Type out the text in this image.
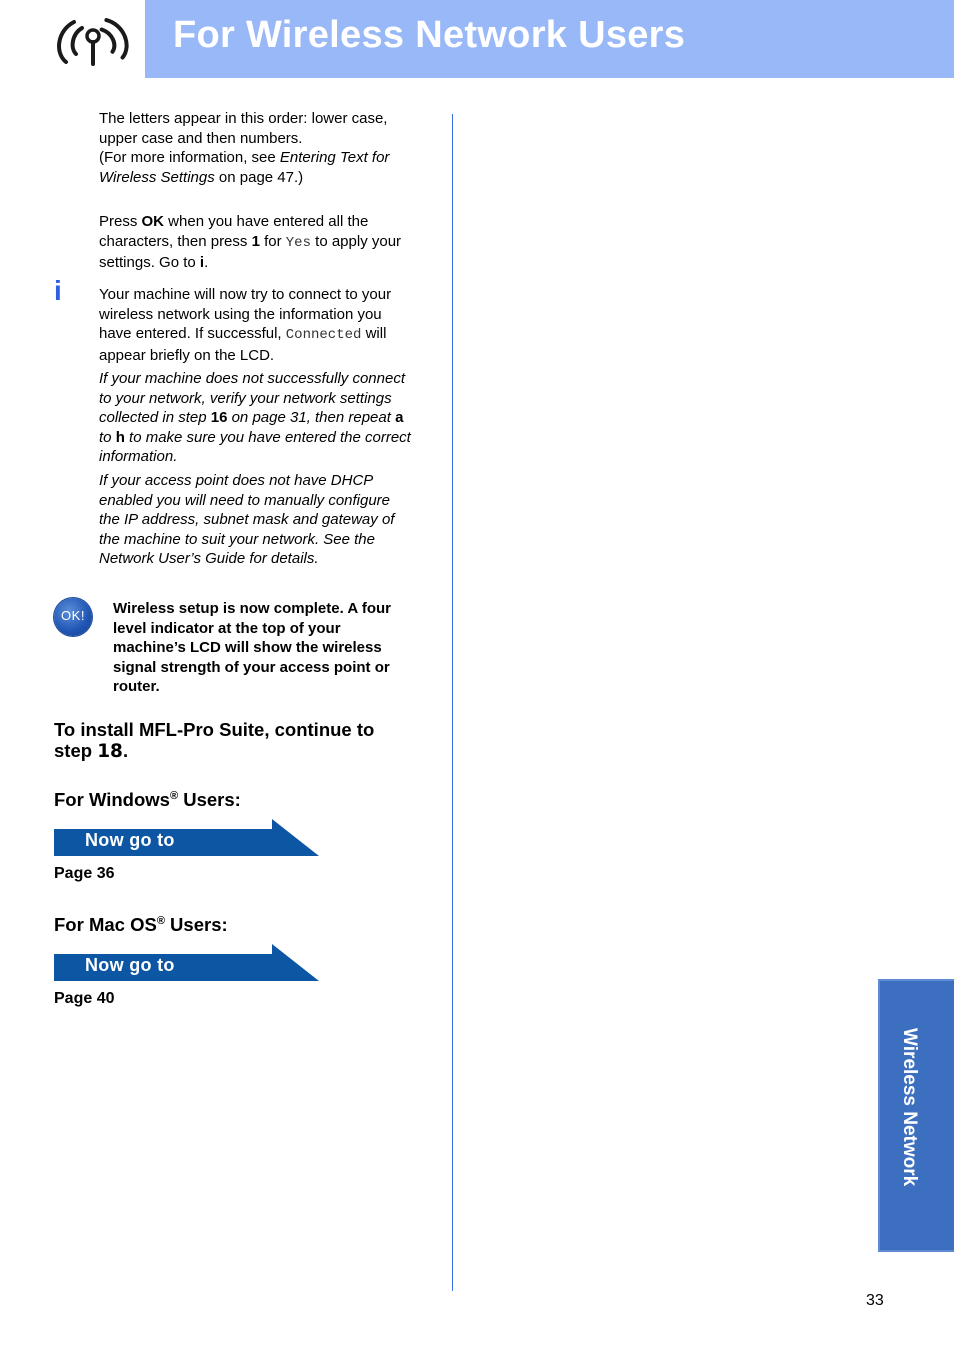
For Wireless Network Users
The letters appear in this order: lower case,
upper case and then numbers.
(For more information, see Entering Text for
Wireless Settings on page 47.)
Press OK when you have entered all the
characters, then press 1 for Yes to apply your
settings. Go to i.
i Your machine will now try to connect to your
wireless network using the information you
have entered. If successful, Connected will
appear briefly on the LCD.
If your machine does not successfully connect
to your network, verify your network settings
collected in step 16 on page 31, then repeat a
to h to make sure you have entered the correct
information.
If your access point does not have DHCP
enabled you will need to manually configure
the IP address, subnet mask and gateway of
the machine to suit your network. See the
Network User’s Guide for details.
OK!	Wireless setup is now complete. A four
level indicator at the top of your
machine’s LCD will show the wireless
signal strength of your access point or
router.
To install MFL-Pro Suite, continue to
step 18.
For Windows® Users:
Now go to
Page 36
For Mac OS® Users:
Now go to
Page 40
Wireless Network
33
